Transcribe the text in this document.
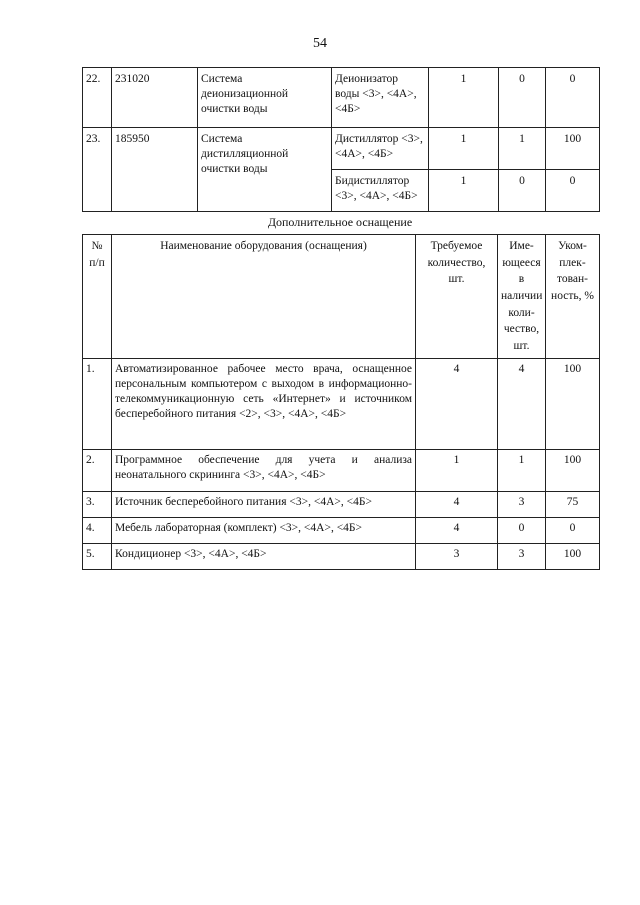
54
22.	231020	Система деионизационной очистки воды	Деионизатор воды <3>, <4А>, <4Б>	1	0	0
23.	185950	Система дистилляционной очистки воды	Дистиллятор <3>, <4А>, <4Б>	1	1	100
			Бидистиллятор <3>, <4А>, <4Б>	1	0	0
Дополнительное оснащение
№ п/п	Наименование оборудования (оснащения)	Требуемое количество, шт.	Име-ющееся в наличии коли-чество, шт.	Уком-плек-тован-ность, %
1.	Автоматизированное рабочее место врача, оснащенное персональным компьютером с выходом в информационно-телекоммуникационную сеть «Интернет» и источником бесперебойного питания <2>, <3>, <4А>, <4Б>	4	4	100
2.	Программное обеспечение для учета и анализа неонатального скрининга <3>, <4А>, <4Б>	1	1	100
3.	Источник бесперебойного питания <3>, <4А>, <4Б>	4	3	75
4.	Мебель лабораторная (комплект) <3>, <4А>, <4Б>	4	0	0
5.	Кондиционер <3>, <4А>, <4Б>	3	3	100
